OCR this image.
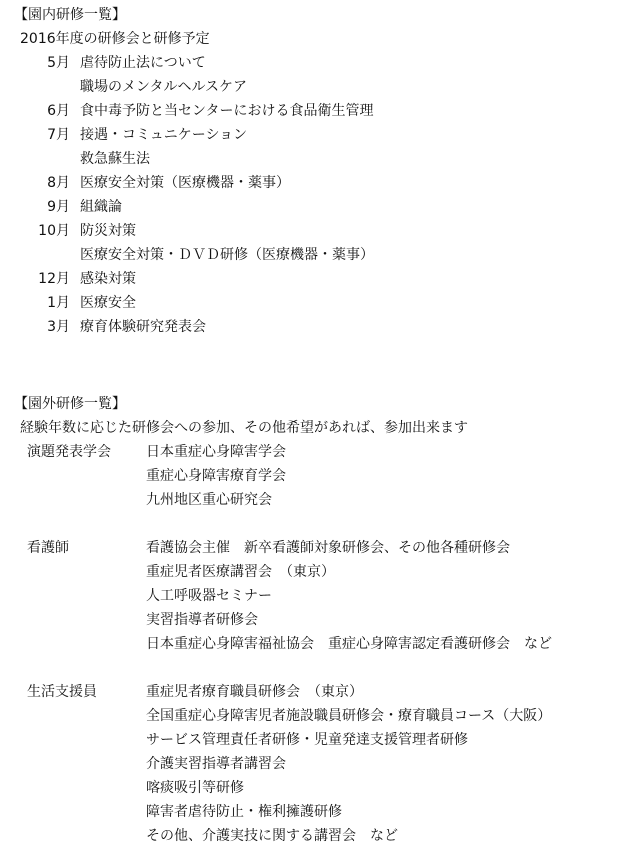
【園内研修一覧】
2016年度の研修会と研修予定
5月 虐待防止法について
職場のメンタルヘルスケア
6月 食中毒予防と当センターにおける食品衛生管理
7月 接遇・コミュニケーション
救急蘇生法
8月 医療安全対策（医療機器・薬事）
9月 組織論
10月 防災対策
医療安全対策・ＤＶＤ研修（医療機器・薬事）
12月 感染対策
1月 医療安全
3月 療育体験研究発表会
【園外研修一覧】
経験年数に応じた研修会への参加、その他希望があれば、参加出来ます
演題発表学会	日本重症心身障害学会
重症心身障害療育学会
九州地区重心研究会
看護師	看護協会主催　新卒看護師対象研修会、その他各種研修会
重症児者医療講習会　（東京）
人工呼吸器セミナー
実習指導者研修会
日本重症心身障害福祉協会　重症心身障害認定看護研修会　など
生活支援員	重症児者療育職員研修会　（東京）
全国重症心身障害児者施設職員研修会・療育職員コース（大阪）
サービス管理責任者研修・児童発達支援管理者研修
介護実習指導者講習会
喀痰吸引等研修
障害者虐待防止・権利擁護研修
その他、介護実技に関する講習会　など
